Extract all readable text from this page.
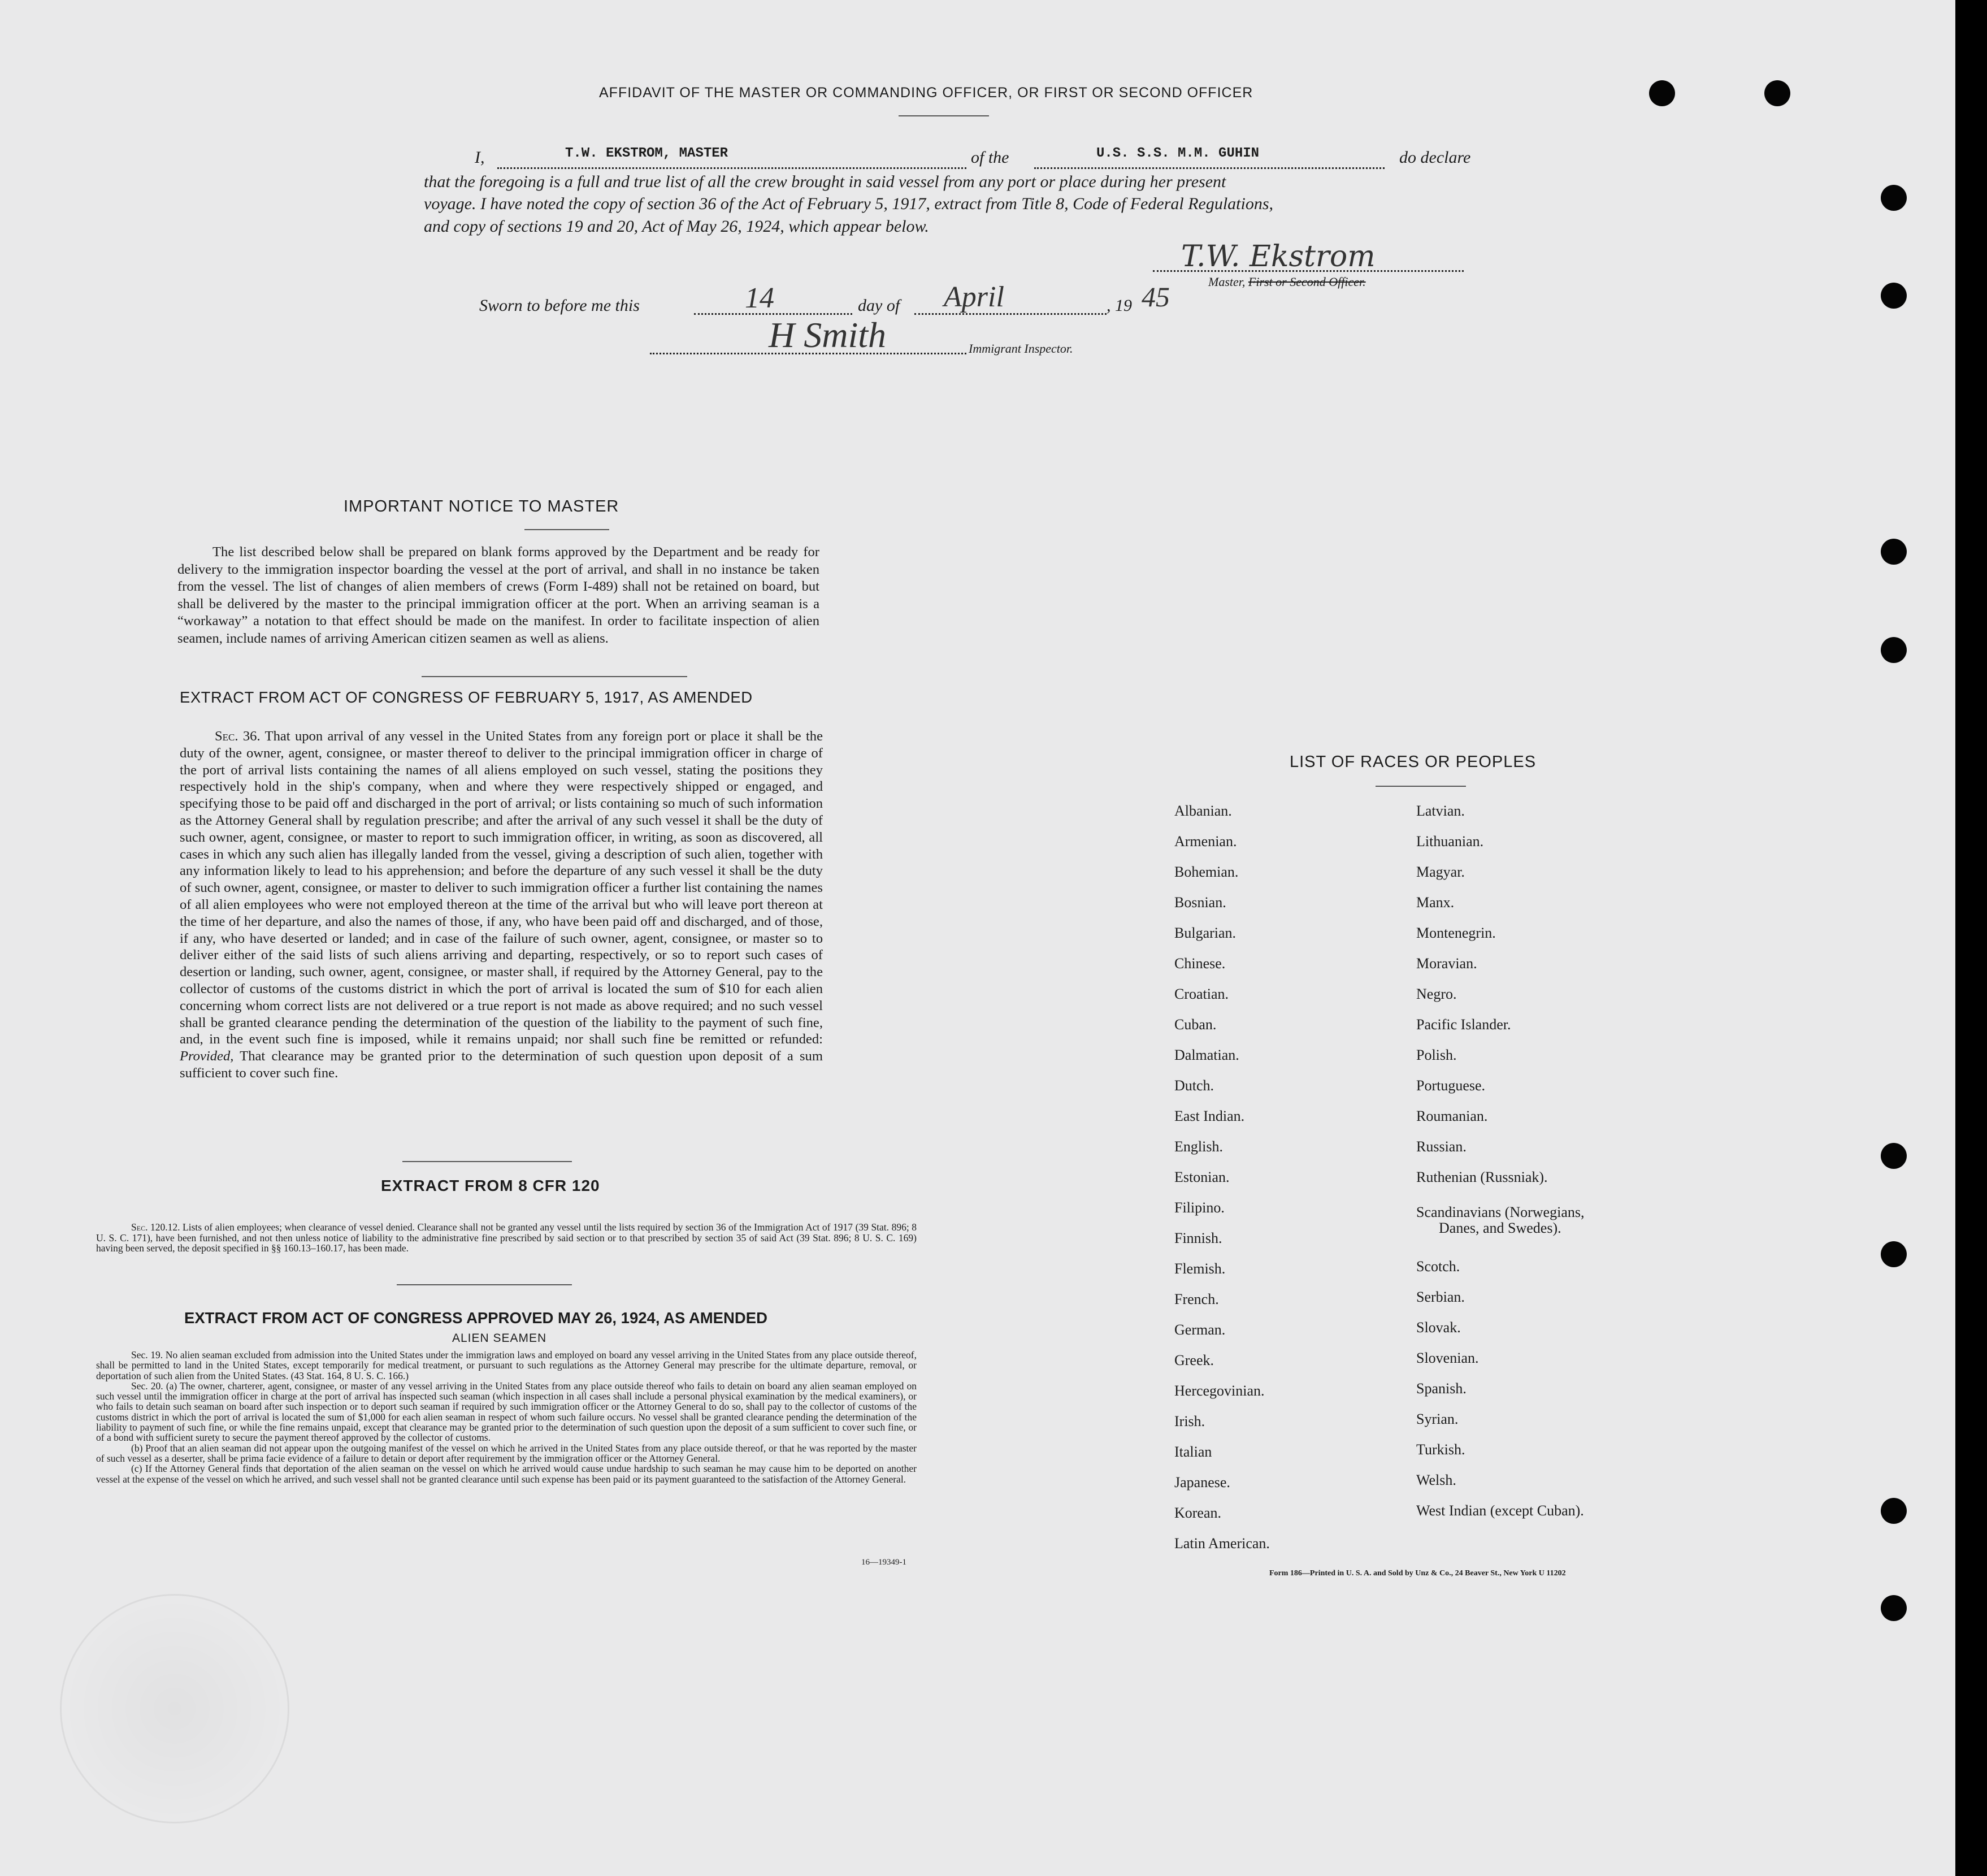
AFFIDAVIT OF THE MASTER OR COMMANDING OFFICER, OR FIRST OR SECOND OFFICER
I,	T.W. EKSTROM, MASTER	of the	U.S. S.S. M.M. GUHIN	do declare
that the foregoing is a full and true list of all the crew brought in said vessel from any port or place during her present
voyage. I have noted the copy of section 36 of the Act of February 5, 1917, extract from Title 8, Code of Federal Regulations,
and copy of sections 19 and 20, Act of May 26, 1924, which appear below.
T.W. Ekstrom
Master, First or Second Officer.
Sworn to before me this	14	day of April	, 19 45
H Smith	Immigrant Inspector.
IMPORTANT NOTICE TO MASTER

The list described below shall be prepared on blank forms approved by the Department and be ready for delivery to the immigration inspector boarding the vessel at the port of arrival, and shall in no instance be taken from the vessel. The list of changes of alien members of crews (Form I-489) shall not be retained on board, but shall be delivered by the master to the principal immigration officer at the port. When an arriving seaman is a “workaway” a notation to that effect should be made on the manifest. In order to facilitate inspection of alien seamen, include names of arriving American citizen seamen as well as aliens.

EXTRACT FROM ACT OF CONGRESS OF FEBRUARY 5, 1917, AS AMENDED

Sec. 36. That upon arrival of any vessel in the United States from any foreign port or place it shall be the duty of the owner, agent, consignee, or master thereof to deliver to the principal immigration officer in charge of the port of arrival lists containing the names of all aliens employed on such vessel, stating the positions they respectively hold in the ship's company, when and where they were respectively shipped or engaged, and specifying those to be paid off and discharged in the port of arrival; or lists containing so much of such information as the Attorney General shall by regulation prescribe; and after the arrival of any such vessel it shall be the duty of such owner, agent, consignee, or master to report to such immigration officer, in writing, as soon as discovered, all cases in which any such alien has illegally landed from the vessel, giving a description of such alien, together with any information likely to lead to his apprehension; and before the departure of any such vessel it shall be the duty of such owner, agent, consignee, or master to deliver to such immigration officer a further list containing the names of all alien employees who were not employed thereon at the time of the arrival but who will leave port thereon at the time of her departure, and also the names of those, if any, who have been paid off and discharged, and of those, if any, who have deserted or landed; and in case of the failure of such owner, agent, consignee, or master so to deliver either of the said lists of such aliens arriving and departing, respectively, or so to report such cases of desertion or landing, such owner, agent, consignee, or master shall, if required by the Attorney General, pay to the collector of customs of the customs district in which the port of arrival is located the sum of $10 for each alien concerning whom correct lists are not delivered or a true report is not made as above required; and no such vessel shall be granted clearance pending the determination of the question of the liability to the payment of such fine, and, in the event such fine is imposed, while it remains unpaid; nor shall such fine be remitted or refunded: Provided, That clearance may be granted prior to the determination of such question upon deposit of a sum sufficient to cover such fine.

EXTRACT FROM 8 CFR 120

Sec. 120.12. Lists of alien employees; when clearance of vessel denied. Clearance shall not be granted any vessel until the lists required by section 36 of the Immigration Act of 1917 (39 Stat. 896; 8 U. S. C. 171), have been furnished, and not then unless notice of liability to the administrative fine prescribed by said section or to that prescribed by section 35 of said Act (39 Stat. 896; 8 U. S. C. 169) having been served, the deposit specified in §§ 160.13–160.17, has been made.

EXTRACT FROM ACT OF CONGRESS APPROVED MAY 26, 1924, AS AMENDED
ALIEN SEAMEN

Sec. 19. No alien seaman excluded from admission into the United States under the immigration laws and employed on board any vessel arriving in the United States from any place outside thereof, shall be permitted to land in the United States, except temporarily for medical treatment, or pursuant to such regulations as the Attorney General may prescribe for the ultimate departure, removal, or deportation of such alien from the United States. (43 Stat. 164, 8 U. S. C. 166.)

Sec. 20. (a) The owner, charterer, agent, consignee, or master of any vessel arriving in the United States from any place outside thereof who fails to detain on board any alien seaman employed on such vessel until the immigration officer in charge at the port of arrival has inspected such seaman (which inspection in all cases shall include a personal physical examination by the medical examiners), or who fails to detain such seaman on board after such inspection or to deport such seaman if required by such immigration officer or the Attorney General to do so, shall pay to the collector of customs of the customs district in which the port of arrival is located the sum of $1,000 for each alien seaman in respect of whom such failure occurs. No vessel shall be granted clearance pending the determination of the liability to payment of such fine, or while the fine remains unpaid, except that clearance may be granted prior to the determination of such question upon the deposit of a sum sufficient to cover such fine, or of a bond with sufficient surety to secure the payment thereof approved by the collector of customs.

(b) Proof that an alien seaman did not appear upon the outgoing manifest of the vessel on which he arrived in the United States from any place outside thereof, or that he was reported by the master of such vessel as a deserter, shall be prima facie evidence of a failure to detain or deport after requirement by the immigration officer or the Attorney General.

(c) If the Attorney General finds that deportation of the alien seaman on the vessel on which he arrived would cause undue hardship to such seaman he may cause him to be deported on another vessel at the expense of the vessel on which he arrived, and such vessel shall not be granted clearance until such expense has been paid or its payment guaranteed to the satisfaction of the Attorney General.

16—19349-1
LIST OF RACES OR PEOPLES
Albanian.
Armenian.
Bohemian.
Bosnian.
Bulgarian.
Chinese.
Croatian.
Cuban.
Dalmatian.
Dutch.
East Indian.
English.
Estonian.
Filipino.
Finnish.
Flemish.
French.
German.
Greek.
Hercegovinian.
Irish.
Italian
Japanese.
Korean.
Latin American.
Latvian.
Lithuanian.
Magyar.
Manx.
Montenegrin.
Moravian.
Negro.
Pacific Islander.
Polish.
Portuguese.
Roumanian.
Russian.
Ruthenian (Russniak).
Scandinavians (Norwegians,
Danes, and Swedes).
Scotch.
Serbian.
Slovak.
Slovenian.
Spanish.
Syrian.
Turkish.
Welsh.
West Indian (except Cuban).
Form 186—Printed in U. S. A. and Sold by Unz & Co., 24 Beaver St., New York U 11202
